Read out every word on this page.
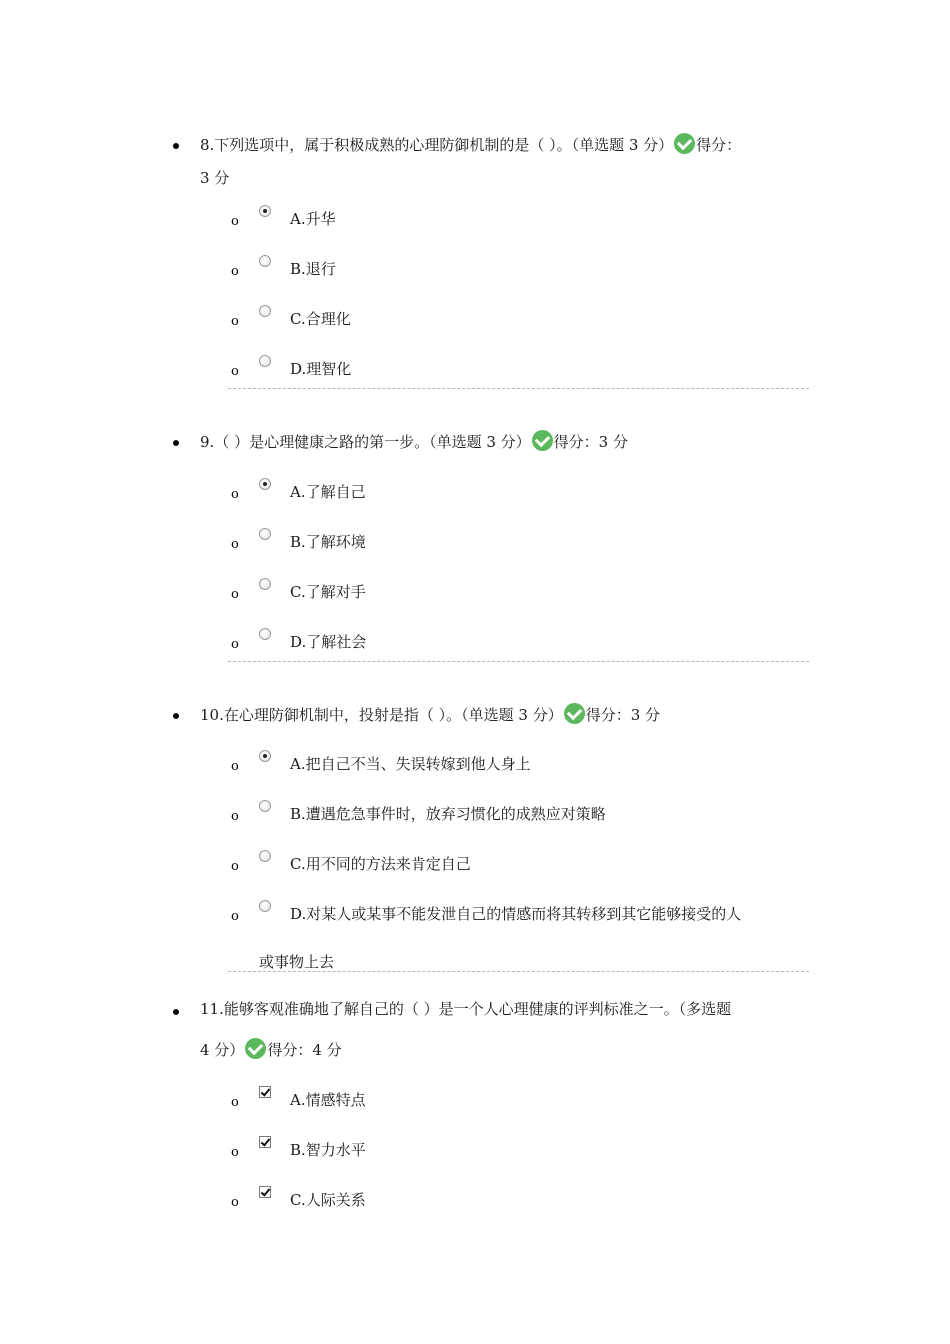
8.下列选项中，属于积极成熟的心理防御机制的是（ ）。（单选题 3 分） 得分：
3 分
o	A.升华
o	B.退行
o	C.合理化
o	D.理智化
9.（ ）是心理健康之路的第一步。（单选题 3 分） 得分：3 分
o	A.了解自己
o	B.了解环境
o	C.了解对手
o	D.了解社会
10.在心理防御机制中，投射是指（ ）。（单选题 3 分） 得分：3 分
o	A.把自己不当、失误转嫁到他人身上
o	B.遭遇危急事件时，放弃习惯化的成熟应对策略
o	C.用不同的方法来肯定自己
o	D.对某人或某事不能发泄自己的情感而将其转移到其它能够接受的人
或事物上去
11.能够客观准确地了解自己的（ ）是一个人心理健康的评判标准之一。（多选题
4 分） 得分：4 分
o	A.情感特点
o	B.智力水平
o	C.人际关系
